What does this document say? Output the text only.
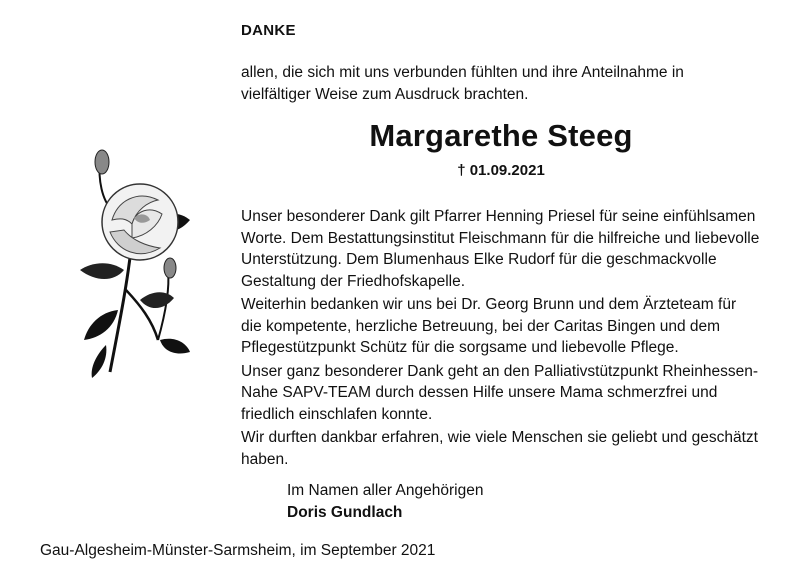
DANKE

allen, die sich mit uns verbunden fühlten und ihre Anteilnahme in

vielfältiger Weise zum Ausdruck brachten.

Margarethe Steeg
† 01.09.2021

Unser besonderer Dank gilt Pfarrer Henning Priesel für seine einfühlsamen Worte. Dem Bestattungsinstitut Fleischmann für die hilfreiche und liebevolle Unterstützung. Dem Blumenhaus Elke Rudorf für die geschmackvolle Gestaltung der Friedhofskapelle.

Weiterhin bedanken wir uns bei Dr. Georg Brunn und dem Ärzteteam für die kompetente, herzliche Betreuung, bei der Caritas Bingen und dem Pflegestützpunkt Schütz für die sorgsame und liebevolle Pflege.

Unser ganz besonderer Dank geht an den Palliativstützpunkt Rheinhessen-Nahe SAPV-TEAM durch dessen Hilfe unsere Mama schmerzfrei und friedlich einschlafen konnte.

Wir durften dankbar erfahren, wie viele Menschen sie geliebt und geschätzt haben.

Im Namen aller Angehörigen
Doris Gundlach
Gau-Algesheim-Münster-Sarmsheim, im September 2021
